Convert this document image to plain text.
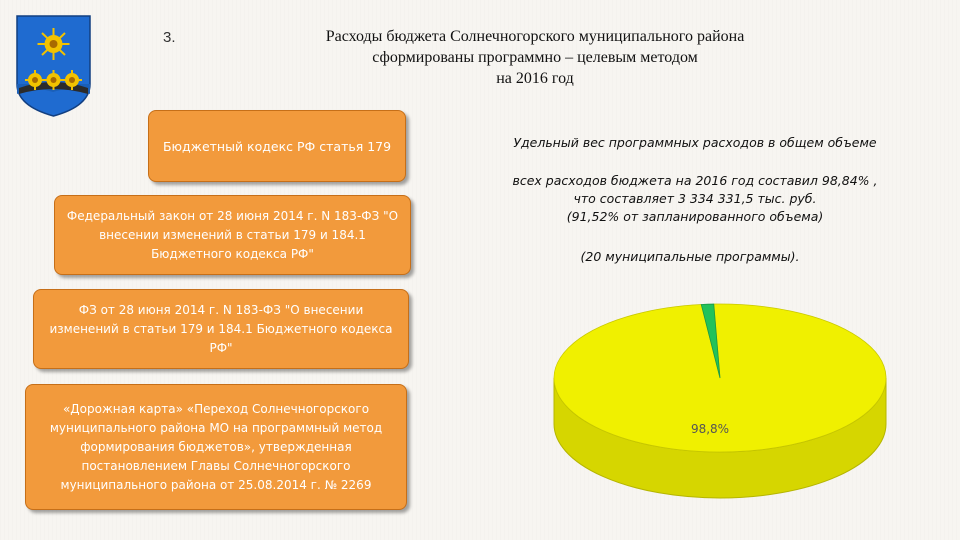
3.	Расходы бюджета Солнечногорского муниципального района
сформированы программно – целевым методом
на 2016 год
Бюджетный кодекс РФ статья 179
Федеральный закон от 28 июня 2014 г. N 183-ФЗ "О внесении изменений в статьи 179 и 184.1 Бюджетного кодекса РФ"
ФЗ от 28 июня 2014 г. N 183-ФЗ "О внесении изменений в статьи 179 и 184.1 Бюджетного кодекса РФ"
«Дорожная карта» «Переход Солнечногорского муниципального района МО на программный метод формирования бюджетов», утвержденная постановлением Главы Солнечногорского муниципального района от 25.08.2014 г. № 2269
Удельный вес программных расходов в общем объеме
всех расходов бюджета на 2016 год составил 98,84% ,
что составляет 3 334 331,5 тыс. руб.
(91,52% от запланированного объема)
(20 муниципальные программы).
98,8%
